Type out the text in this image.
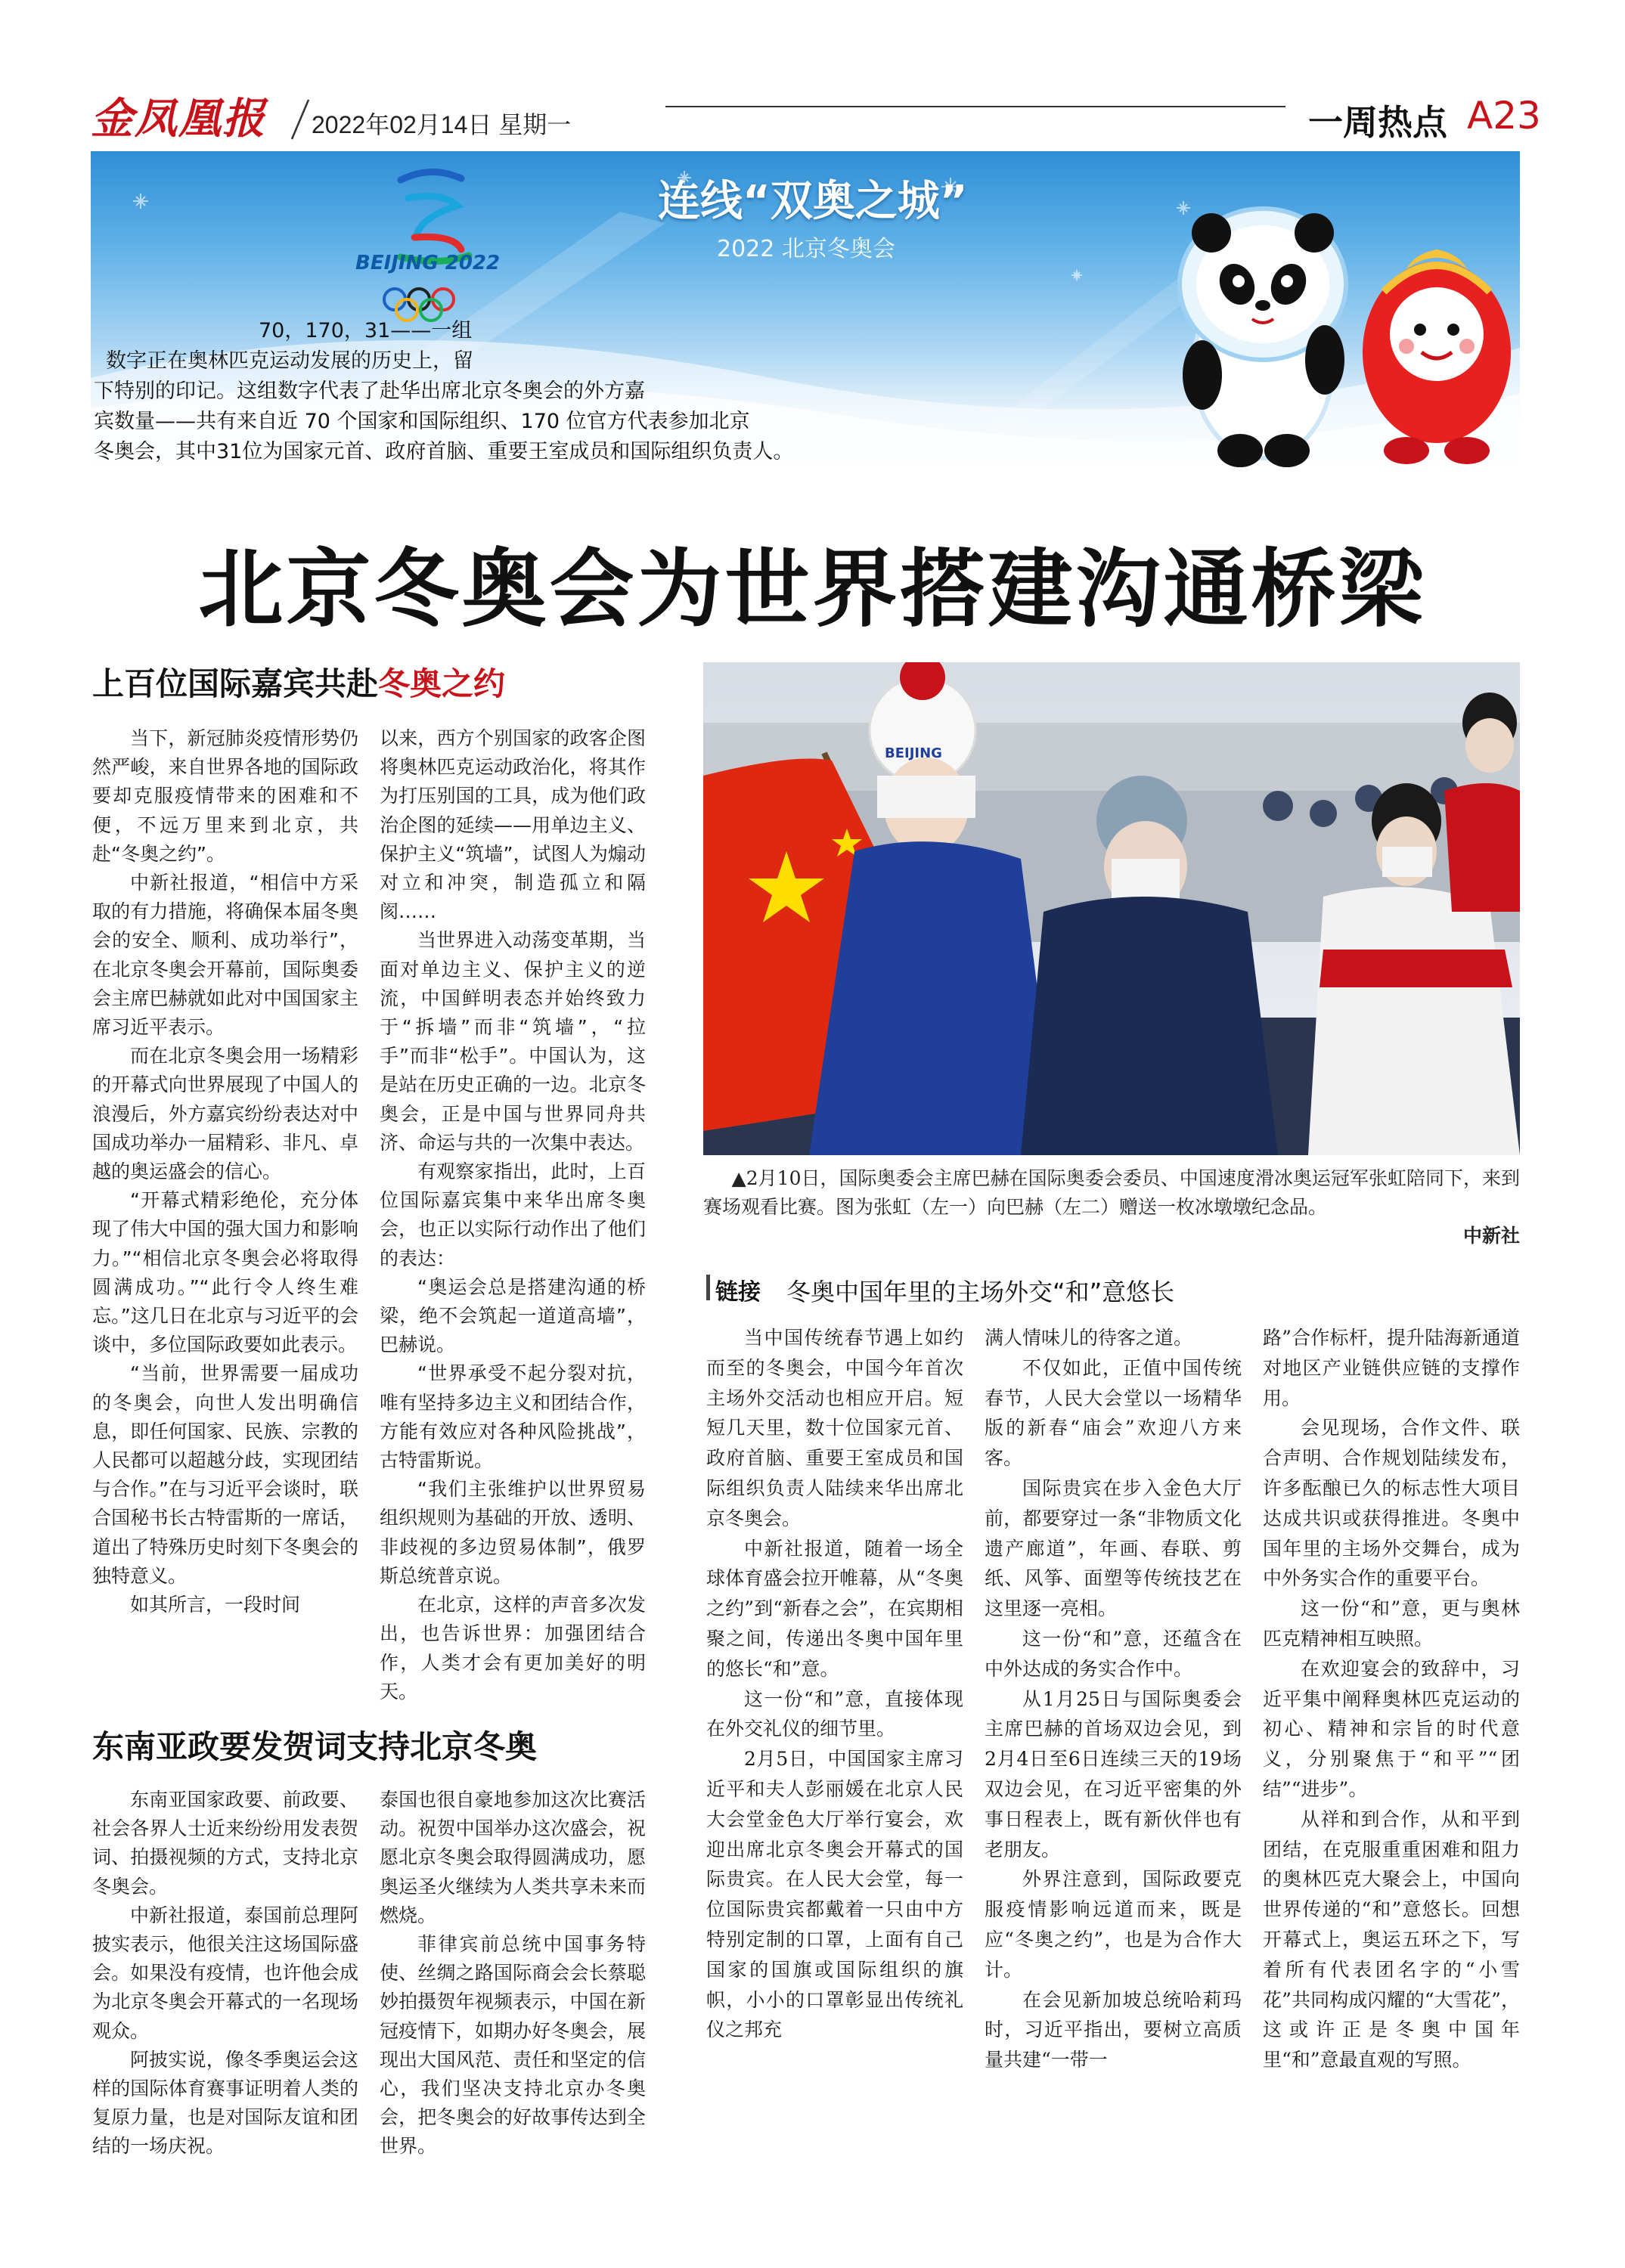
金凤凰报	2022年02月14日 星期一	一周热点 A23
BEIJING 2022
连线“双奥之城”
2022 北京冬奥会
70，170，31——一组
数字正在奥林匹克运动发展的历史上，留
下特别的印记。这组数字代表了赴华出席北京冬奥会的外方嘉
宾数量——共有来自近 70 个国家和国际组织、170 位官方代表参加北京
冬奥会，其中31位为国家元首、政府首脑、重要王室成员和国际组织负责人。
北京冬奥会为世界搭建沟通桥梁
上百位国际嘉宾共赴冬奥之约

当下，新冠肺炎疫情形势仍然严峻，来自世界各地的国际政要却克服疫情带来的困难和不便，不远万里来到北京，共赴“冬奥之约”。

中新社报道，“相信中方采取的有力措施，将确保本届冬奥会的安全、顺利、成功举行”，在北京冬奥会开幕前，国际奥委会主席巴赫就如此对中国国家主席习近平表示。

而在北京冬奥会用一场精彩的开幕式向世界展现了中国人的浪漫后，外方嘉宾纷纷表达对中国成功举办一届精彩、非凡、卓越的奥运盛会的信心。

“开幕式精彩绝伦，充分体现了伟大中国的强大国力和影响力。”“相信北京冬奥会必将取得圆满成功。”“此行令人终生难忘。”这几日在北京与习近平的会谈中，多位国际政要如此表示。

“当前，世界需要一届成功的冬奥会，向世人发出明确信息，即任何国家、民族、宗教的人民都可以超越分歧，实现团结与合作。”在与习近平会谈时，联合国秘书长古特雷斯的一席话，道出了特殊历史时刻下冬奥会的独特意义。

如其所言，一段时间

以来，西方个别国家的政客企图将奥林匹克运动政治化，将其作为打压别国的工具，成为他们政治企图的延续——用单边主义、保护主义“筑墙”，试图人为煽动对立和冲突，制造孤立和隔阂……

当世界进入动荡变革期，当面对单边主义、保护主义的逆流，中国鲜明表态并始终致力于“拆墙”而非“筑墙”，“拉手”而非“松手”。中国认为，这是站在历史正确的一边。北京冬奥会，正是中国与世界同舟共济、命运与共的一次集中表达。

有观察家指出，此时，上百位国际嘉宾集中来华出席冬奥会，也正以实际行动作出了他们的表达：

“奥运会总是搭建沟通的桥梁，绝不会筑起一道道高墙”，巴赫说。

“世界承受不起分裂对抗，唯有坚持多边主义和团结合作，方能有效应对各种风险挑战”，古特雷斯说。

“我们主张维护以世界贸易组织规则为基础的开放、透明、非歧视的多边贸易体制”，俄罗斯总统普京说。

在北京，这样的声音多次发出，也告诉世界：加强团结合作，人类才会有更加美好的明天。

东南亚政要发贺词支持北京冬奥

东南亚国家政要、前政要、社会各界人士近来纷纷用发表贺词、拍摄视频的方式，支持北京冬奥会。

中新社报道，泰国前总理阿披实表示，他很关注这场国际盛会。如果没有疫情，也许他会成为北京冬奥会开幕式的一名现场观众。

阿披实说，像冬季奥运会这样的国际体育赛事证明着人类的复原力量，也是对国际友谊和团结的一场庆祝。

泰国也很自豪地参加这次比赛活动。祝贺中国举办这次盛会，祝愿北京冬奥会取得圆满成功，愿奥运圣火继续为人类共享未来而燃烧。

菲律宾前总统中国事务特使、丝绸之路国际商会会长蔡聪妙拍摄贺年视频表示，中国在新冠疫情下，如期办好冬奥会，展现出大国风范、责任和坚定的信心，我们坚决支持北京办冬奥会，把冬奥会的好故事传达到全世界。

BEIJING
▲2月10日，国际奥委会主席巴赫在国际奥委会委员、中国速度滑冰奥运冠军张虹陪同下，来到赛场观看比赛。图为张虹（左一）向巴赫（左二）赠送一枚冰墩墩纪念品。
中新社
链接 冬奥中国年里的主场外交“和”意悠长

当中国传统春节遇上如约而至的冬奥会，中国今年首次主场外交活动也相应开启。短短几天里，数十位国家元首、政府首脑、重要王室成员和国际组织负责人陆续来华出席北京冬奥会。

中新社报道，随着一场全球体育盛会拉开帷幕，从“冬奥之约”到“新春之会”，在宾期相聚之间，传递出冬奥中国年里的悠长“和”意。

这一份“和”意，直接体现在外交礼仪的细节里。

2月5日，中国国家主席习近平和夫人彭丽媛在北京人民大会堂金色大厅举行宴会，欢迎出席北京冬奥会开幕式的国际贵宾。在人民大会堂，每一位国际贵宾都戴着一只由中方特别定制的口罩，上面有自己国家的国旗或国际组织的旗帜，小小的口罩彰显出传统礼仪之邦充

满人情味儿的待客之道。

不仅如此，正值中国传统春节，人民大会堂以一场精华版的新春“庙会”欢迎八方来客。

国际贵宾在步入金色大厅前，都要穿过一条“非物质文化遗产廊道”，年画、春联、剪纸、风筝、面塑等传统技艺在这里逐一亮相。

这一份“和”意，还蕴含在中外达成的务实合作中。

从1月25日与国际奥委会主席巴赫的首场双边会见，到2月4日至6日连续三天的19场双边会见，在习近平密集的外事日程表上，既有新伙伴也有老朋友。

外界注意到，国际政要克服疫情影响远道而来，既是应“冬奥之约”，也是为合作大计。

在会见新加坡总统哈莉玛时，习近平指出，要树立高质量共建“一带一

路”合作标杆，提升陆海新通道对地区产业链供应链的支撑作用。

会见现场，合作文件、联合声明、合作规划陆续发布，许多酝酿已久的标志性大项目达成共识或获得推进。冬奥中国年里的主场外交舞台，成为中外务实合作的重要平台。

这一份“和”意，更与奥林匹克精神相互映照。

在欢迎宴会的致辞中，习近平集中阐释奥林匹克运动的初心、精神和宗旨的时代意义，分别聚焦于“和平”“团结”“进步”。

从祥和到合作，从和平到团结，在克服重重困难和阻力的奥林匹克大聚会上，中国向世界传递的“和”意悠长。回想开幕式上，奥运五环之下，写着所有代表团名字的“小雪花”共同构成闪耀的“大雪花”，这或许正是冬奥中国年里“和”意最直观的写照。
